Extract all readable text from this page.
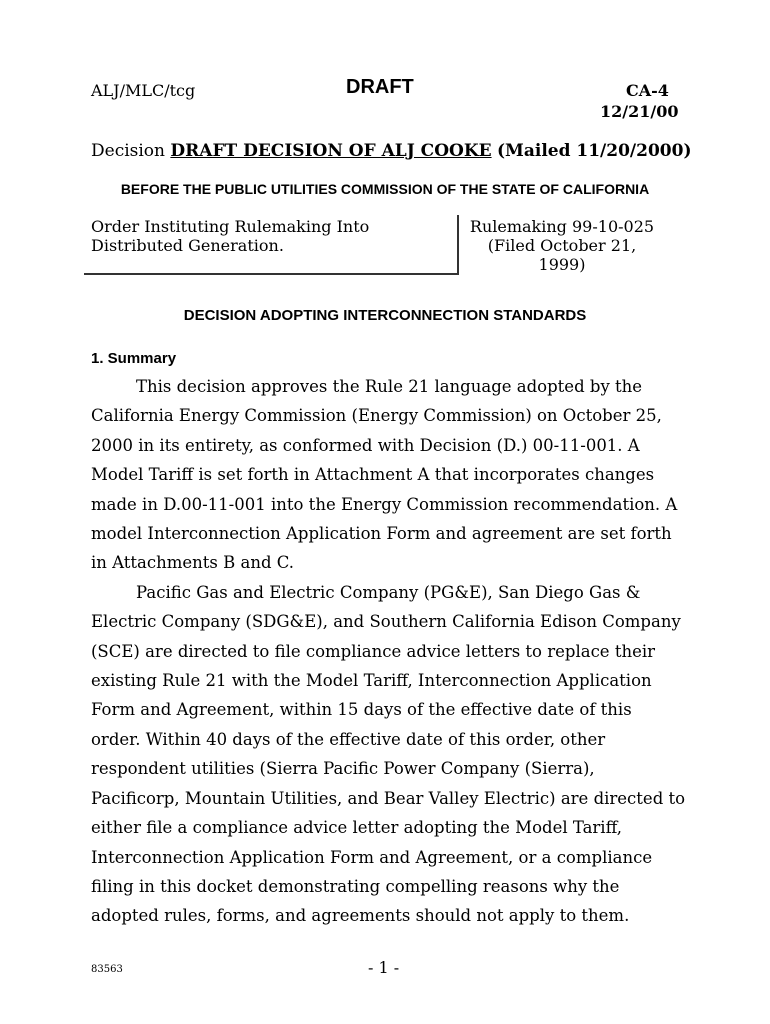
ALJ/MLC/tcg	DRAFT	CA-4
12/21/00
Decision DRAFT DECISION OF ALJ COOKE (Mailed 11/20/2000)
BEFORE THE PUBLIC UTILITIES COMMISSION OF THE STATE OF CALIFORNIA
Order Instituting Rulemaking Into
Distributed Generation.
Rulemaking 99-10-025
(Filed October 21,
1999)
DECISION ADOPTING INTERCONNECTION STANDARDS
1. Summary

This decision approves the Rule 21 language adopted by the California Energy Commission (Energy Commission) on October 25, 2000 in its entirety, as conformed with Decision (D.) 00-11-001. A Model Tariff is set forth in Attachment A that incorporates changes made in D.00-11-001 into the Energy Commission recommendation. A model Interconnection Application Form and agreement are set forth in Attachments B and C.

Pacific Gas and Electric Company (PG&E), San Diego Gas & Electric Company (SDG&E), and Southern California Edison Company (SCE) are directed to file compliance advice letters to replace their existing Rule 21 with the Model Tariff, Interconnection Application Form and Agreement, within 15 days of the effective date of this order. Within 40 days of the effective date of this order, other respondent utilities (Sierra Pacific Power Company (Sierra), Pacificorp, Mountain Utilities, and Bear Valley Electric) are directed to either file a compliance advice letter adopting the Model Tariff, Interconnection Application Form and Agreement, or a compliance filing in this docket demonstrating compelling reasons why the adopted rules, forms, and agreements should not apply to them.

83563	- 1 -
